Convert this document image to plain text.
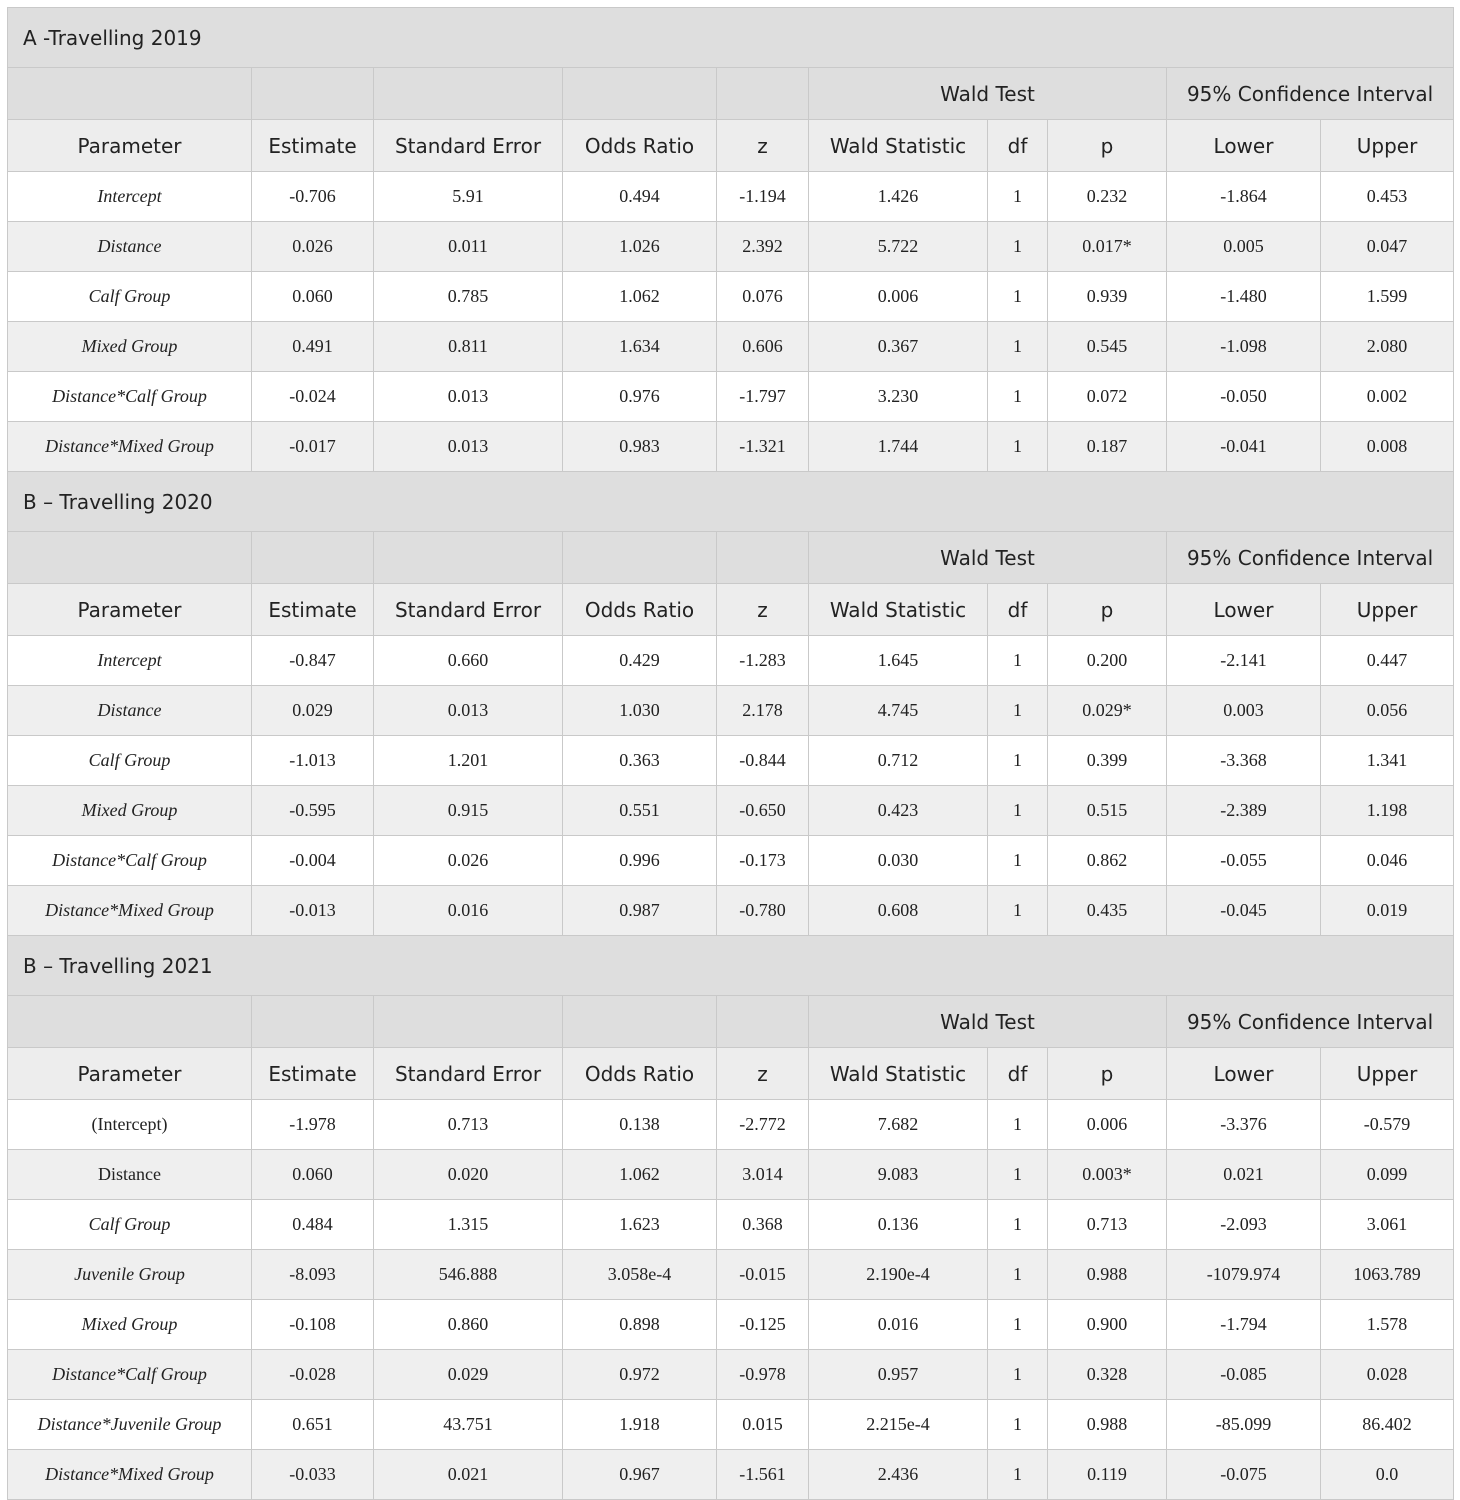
A -Travelling 2019									
					Wald Test			95% Confidence Interval	
Parameter	Estimate	Standard Error	Odds Ratio	z	Wald Statistic	df	p	Lower	Upper
Intercept	-0.706	5.91	0.494	-1.194	1.426	1	0.232	-1.864	0.453
Distance	0.026	0.011	1.026	2.392	5.722	1	0.017*	0.005	0.047
Calf Group	0.060	0.785	1.062	0.076	0.006	1	0.939	-1.480	1.599
Mixed Group	0.491	0.811	1.634	0.606	0.367	1	0.545	-1.098	2.080
Distance*Calf Group	-0.024	0.013	0.976	-1.797	3.230	1	0.072	-0.050	0.002
Distance*Mixed Group	-0.017	0.013	0.983	-1.321	1.744	1	0.187	-0.041	0.008
B – Travelling 2020									
					Wald Test			95% Confidence Interval	
Parameter	Estimate	Standard Error	Odds Ratio	z	Wald Statistic	df	p	Lower	Upper
Intercept	-0.847	0.660	0.429	-1.283	1.645	1	0.200	-2.141	0.447
Distance	0.029	0.013	1.030	2.178	4.745	1	0.029*	0.003	0.056
Calf Group	-1.013	1.201	0.363	-0.844	0.712	1	0.399	-3.368	1.341
Mixed Group	-0.595	0.915	0.551	-0.650	0.423	1	0.515	-2.389	1.198
Distance*Calf Group	-0.004	0.026	0.996	-0.173	0.030	1	0.862	-0.055	0.046
Distance*Mixed Group	-0.013	0.016	0.987	-0.780	0.608	1	0.435	-0.045	0.019
B – Travelling 2021									
					Wald Test			95% Confidence Interval	
Parameter	Estimate	Standard Error	Odds Ratio	z	Wald Statistic	df	p	Lower	Upper
(Intercept)	-1.978	0.713	0.138	-2.772	7.682	1	0.006	-3.376	-0.579
Distance	0.060	0.020	1.062	3.014	9.083	1	0.003*	0.021	0.099
Calf Group	0.484	1.315	1.623	0.368	0.136	1	0.713	-2.093	3.061
Juvenile Group	-8.093	546.888	3.058e-4	-0.015	2.190e-4	1	0.988	-1079.974	1063.789
Mixed Group	-0.108	0.860	0.898	-0.125	0.016	1	0.900	-1.794	1.578
Distance*Calf Group	-0.028	0.029	0.972	-0.978	0.957	1	0.328	-0.085	0.028
Distance*Juvenile Group	0.651	43.751	1.918	0.015	2.215e-4	1	0.988	-85.099	86.402
Distance*Mixed Group	-0.033	0.021	0.967	-1.561	2.436	1	0.119	-0.075	0.0
